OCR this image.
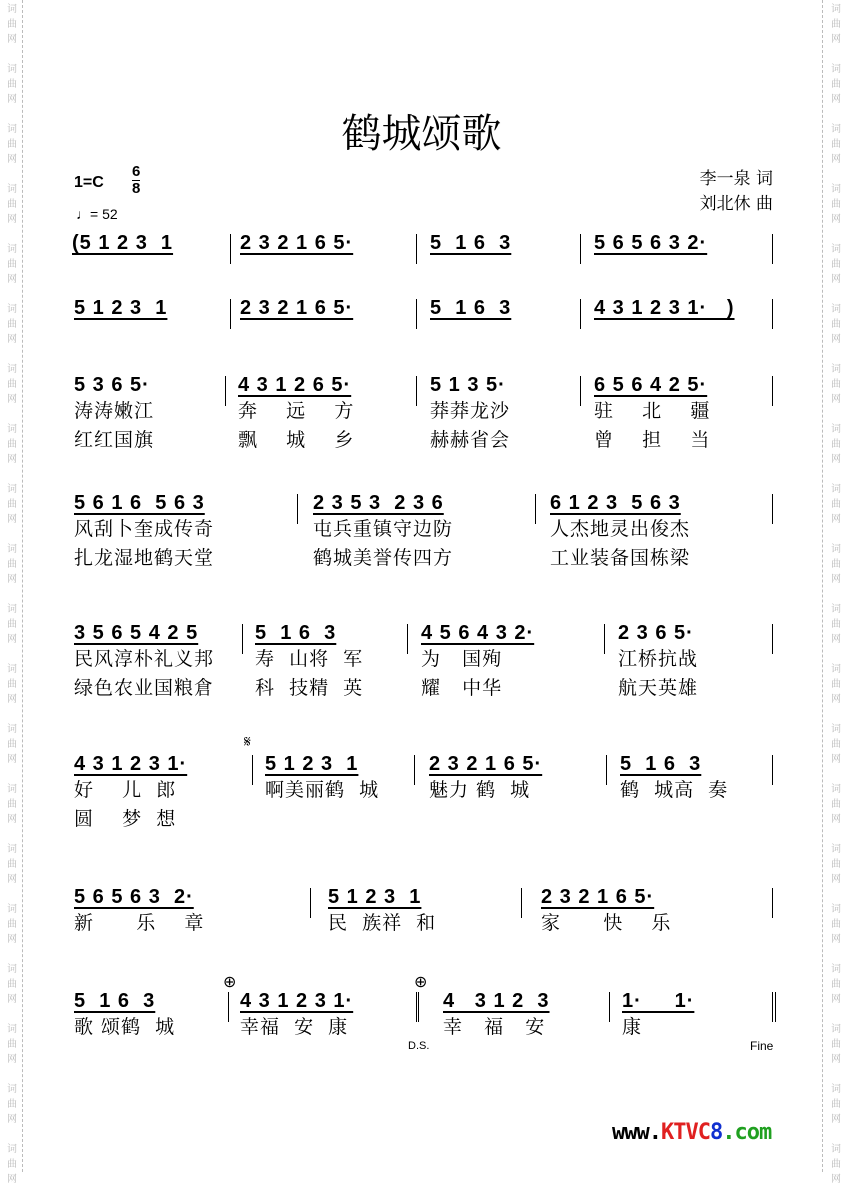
鹤城颂歌
1=C
6
8
♩= 52
李一泉 词
刘北休 曲
(5 1 2 3  1	2 3 2 1 6 5·	5  1 6  3	5 6 5 6 3 2·
5 1 2 3  1	2 3 2 1 6 5·	5  1 6  3	4 3 1 2 3 1·   )
5 3 6 5·
涛涛嫩江
红红国旗
4 3 1 2 6 5·
奔    远    方
飘    城    乡
5 1 3 5·
莽莽龙沙
赫赫省会
6 5 6 4 2 5·
驻    北    疆
曾    担    当
5 6 1 6  5 6 3
风刮卜奎成传奇
扎龙湿地鹤天堂
2 3 5 3  2 3 6
屯兵重镇守边防
鹤城美誉传四方
6 1 2 3  5 6 3
人杰地灵出俊杰
工业装备国栋梁
3 5 6 5 4 2 5
民风淳朴礼义邦
绿色农业国粮倉
5  1 6  3
寿  山将  军
科  技精  英
4 5 6 4 3 2·
为   国殉
耀   中华
2 3 6 5·
江桥抗战
航天英雄
4 3 1 2 3 1·
好    儿  郎
圆    梦  想
5 1 2 3  1
啊美丽鹤  城
2 3 2 1 6 5·
魅力 鹤  城
5  1 6  3
鹤  城高  奏
5 6 5 6 3  2·
新      乐    章
5 1 2 3  1
民  族祥  和
2 3 2 1 6 5·
家      快    乐
5  1 6  3
歌 颂鹤  城
4 3 1 2 3 1·
幸福  安  康
4   3 1 2  3
幸   福   安
1·     1·
康
𝄋
⊕	⊕
D.S.	Fine
www.KTVC8.com
词曲网
词曲网
词曲网
词曲网
词曲网
词曲网
词曲网
词曲网
词曲网
词曲网
词曲网
词曲网
词曲网
词曲网
词曲网
词曲网
词曲网
词曲网
词曲网
词曲网
词曲网
词曲网
词曲网
词曲网
词曲网
词曲网
词曲网
词曲网
词曲网
词曲网
词曲网
词曲网
词曲网
词曲网
词曲网
词曲网
词曲网
词曲网
词曲网
词曲网
